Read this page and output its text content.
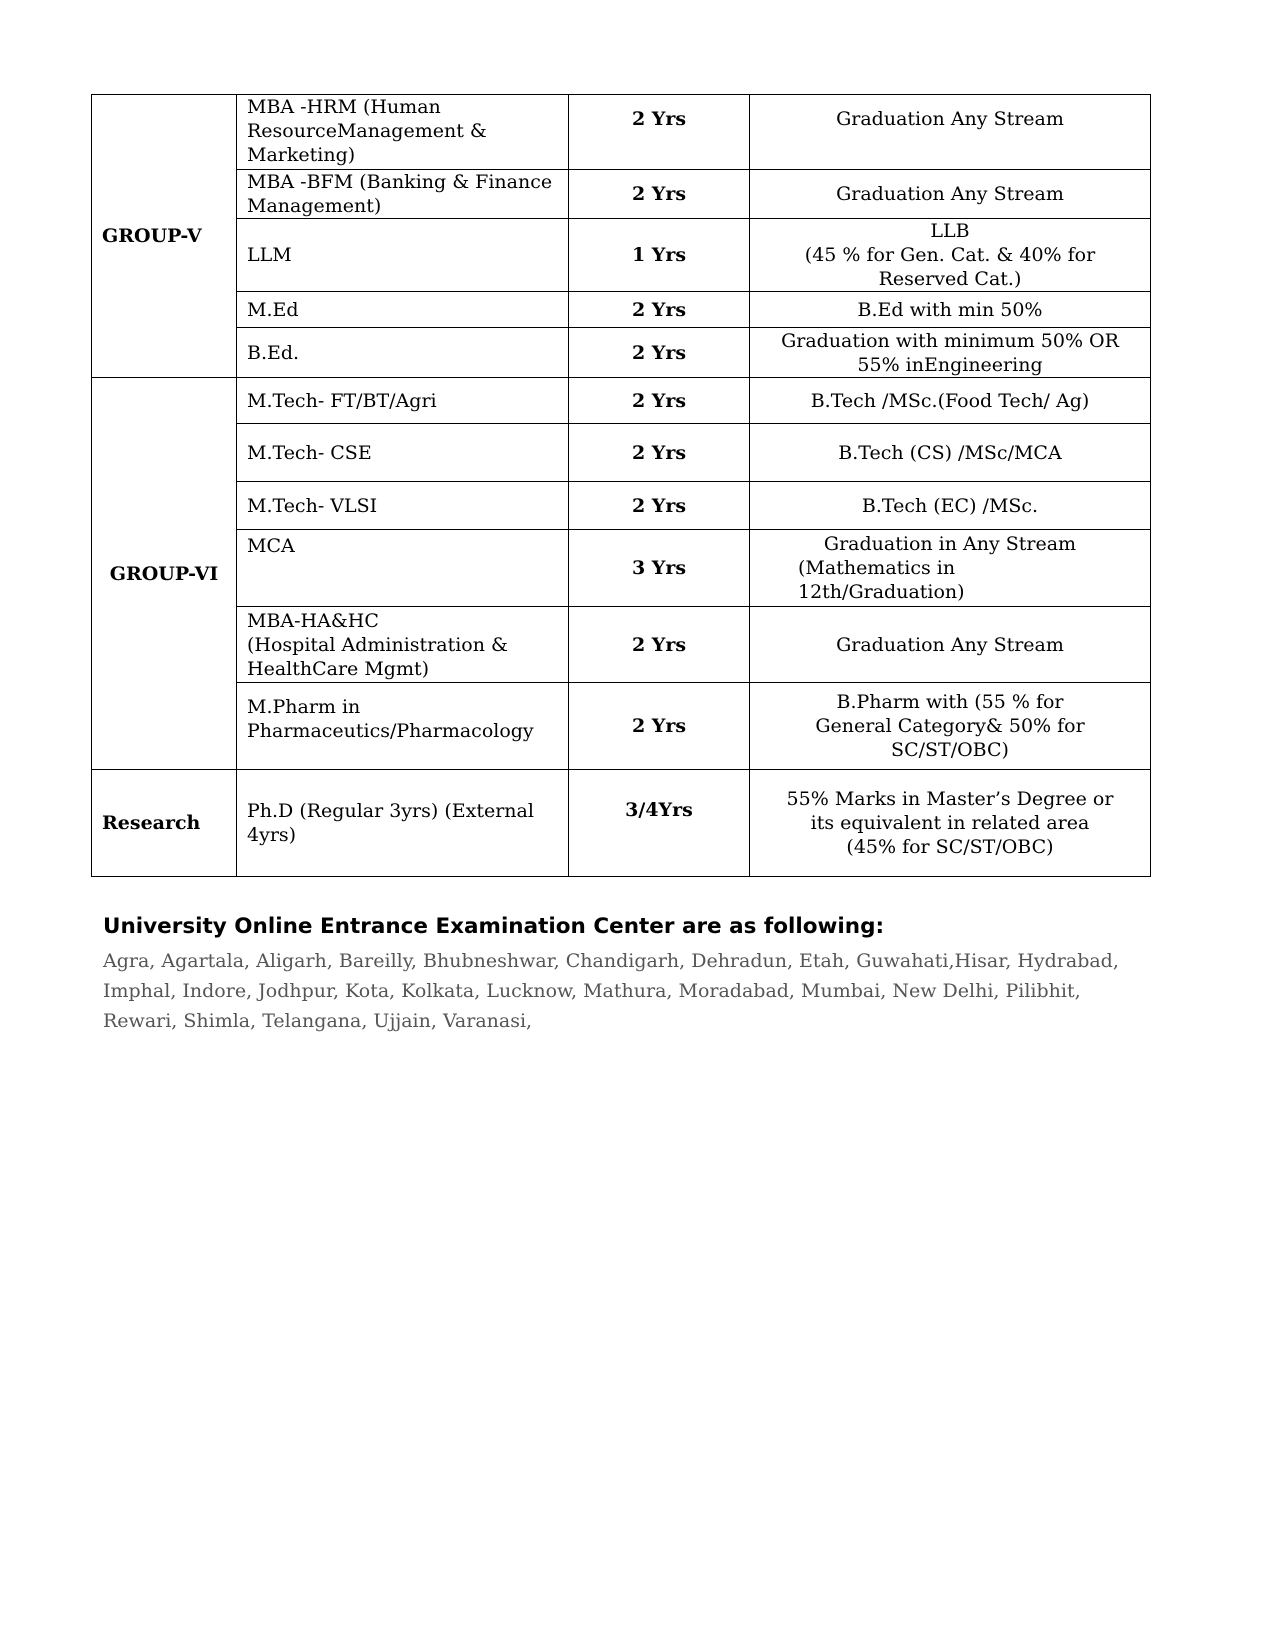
GROUP-V	MBA -HRM (Human ResourceManagement & Marketing)	2 Yrs	Graduation Any Stream

	MBA -BFM (Banking & Finance Management)	2 Yrs	Graduation Any Stream

	LLM	1 Yrs	LLB
(45 % for Gen. Cat. & 40% for Reserved Cat.)

	M.Ed	2 Yrs	B.Ed with min 50%

	B.Ed.	2 Yrs	Graduation with minimum 50% OR 55% inEngineering

GROUP-VI	M.Tech- FT/BT/Agri	2 Yrs	B.Tech /MSc.(Food Tech/ Ag)

	M.Tech- CSE	2 Yrs	B.Tech (CS) /MSc/MCA

	M.Tech- VLSI	2 Yrs	B.Tech (EC) /MSc.

	MCA	3 Yrs	Graduation in Any Stream
(Mathematics in 12th/Graduation)

	MBA-HA&HC
(Hospital Administration & HealthCare Mgmt)	2 Yrs	Graduation Any Stream

	M.Pharm in Pharmaceutics/Pharmacology	2 Yrs	B.Pharm with (55 % for General Category& 50% for SC/ST/OBC)

Research	Ph.D (Regular 3yrs) (External 4yrs)	3/4Yrs	55% Marks in Master’s Degree or its equivalent in related area (45% for SC/ST/OBC)
University Online Entrance Examination Center are as following:

Agra, Agartala, Aligarh, Bareilly, Bhubneshwar, Chandigarh, Dehradun, Etah, Guwahati,Hisar, Hydrabad, Imphal, Indore, Jodhpur, Kota, Kolkata, Lucknow, Mathura, Moradabad, Mumbai, New Delhi, Pilibhit, Rewari, Shimla, Telangana, Ujjain, Varanasi,
